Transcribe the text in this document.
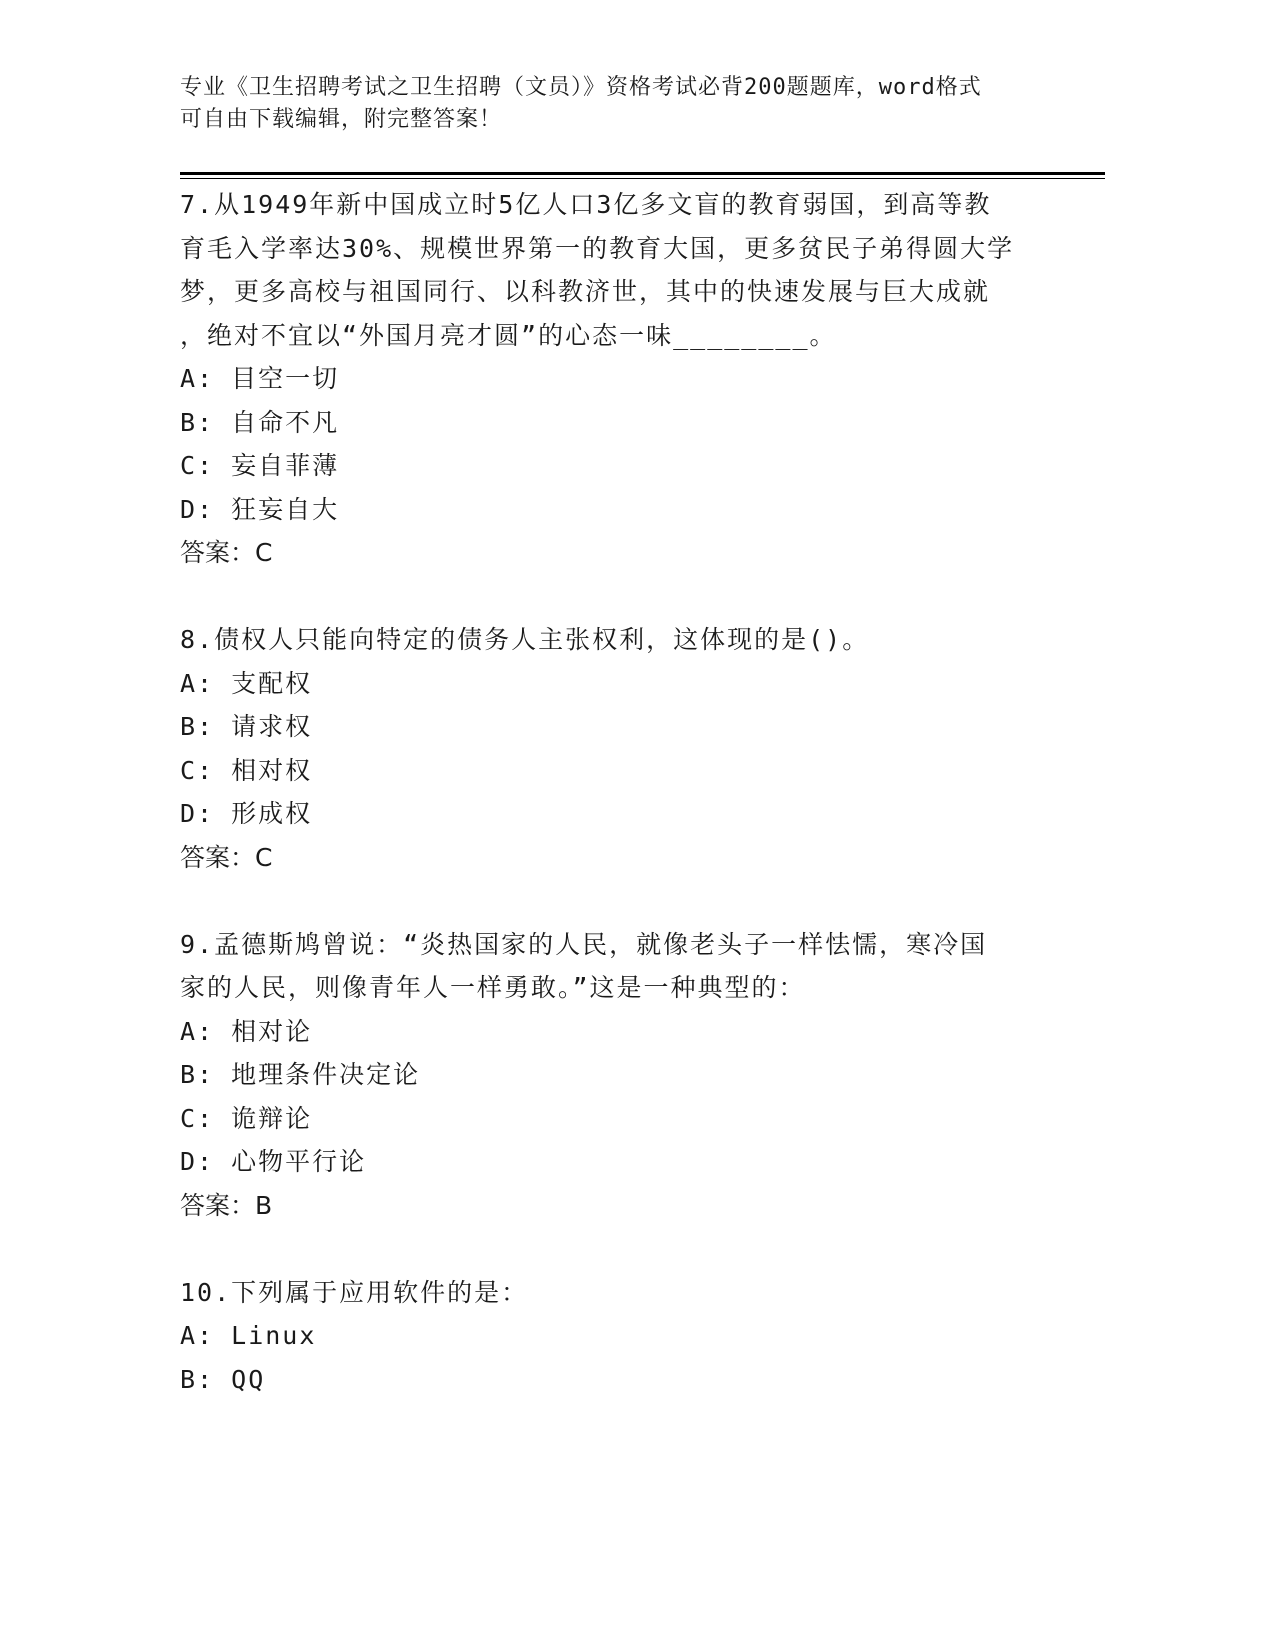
专业《卫生招聘考试之卫生招聘（文员）》资格考试必背200题题库，word格式
可自由下载编辑，附完整答案！
7.从1949年新中国成立时5亿人口3亿多文盲的教育弱国，到高等教
育毛入学率达30%、规模世界第一的教育大国，更多贫民子弟得圆大学
梦，更多高校与祖国同行、以科教济世，其中的快速发展与巨大成就
，绝对不宜以“外国月亮才圆”的心态一味________。
A: 目空一切
B: 自命不凡
C: 妄自菲薄
D: 狂妄自大
答案：C
8.债权人只能向特定的债务人主张权利，这体现的是()。
A: 支配权
B: 请求权
C: 相对权
D: 形成权
答案：C
9.孟德斯鸠曾说：“炎热国家的人民，就像老头子一样怯懦，寒冷国
家的人民，则像青年人一样勇敢。”这是一种典型的：
A: 相对论
B: 地理条件决定论
C: 诡辩论
D: 心物平行论
答案：B
10.下列属于应用软件的是：
A: Linux
B: QQ
